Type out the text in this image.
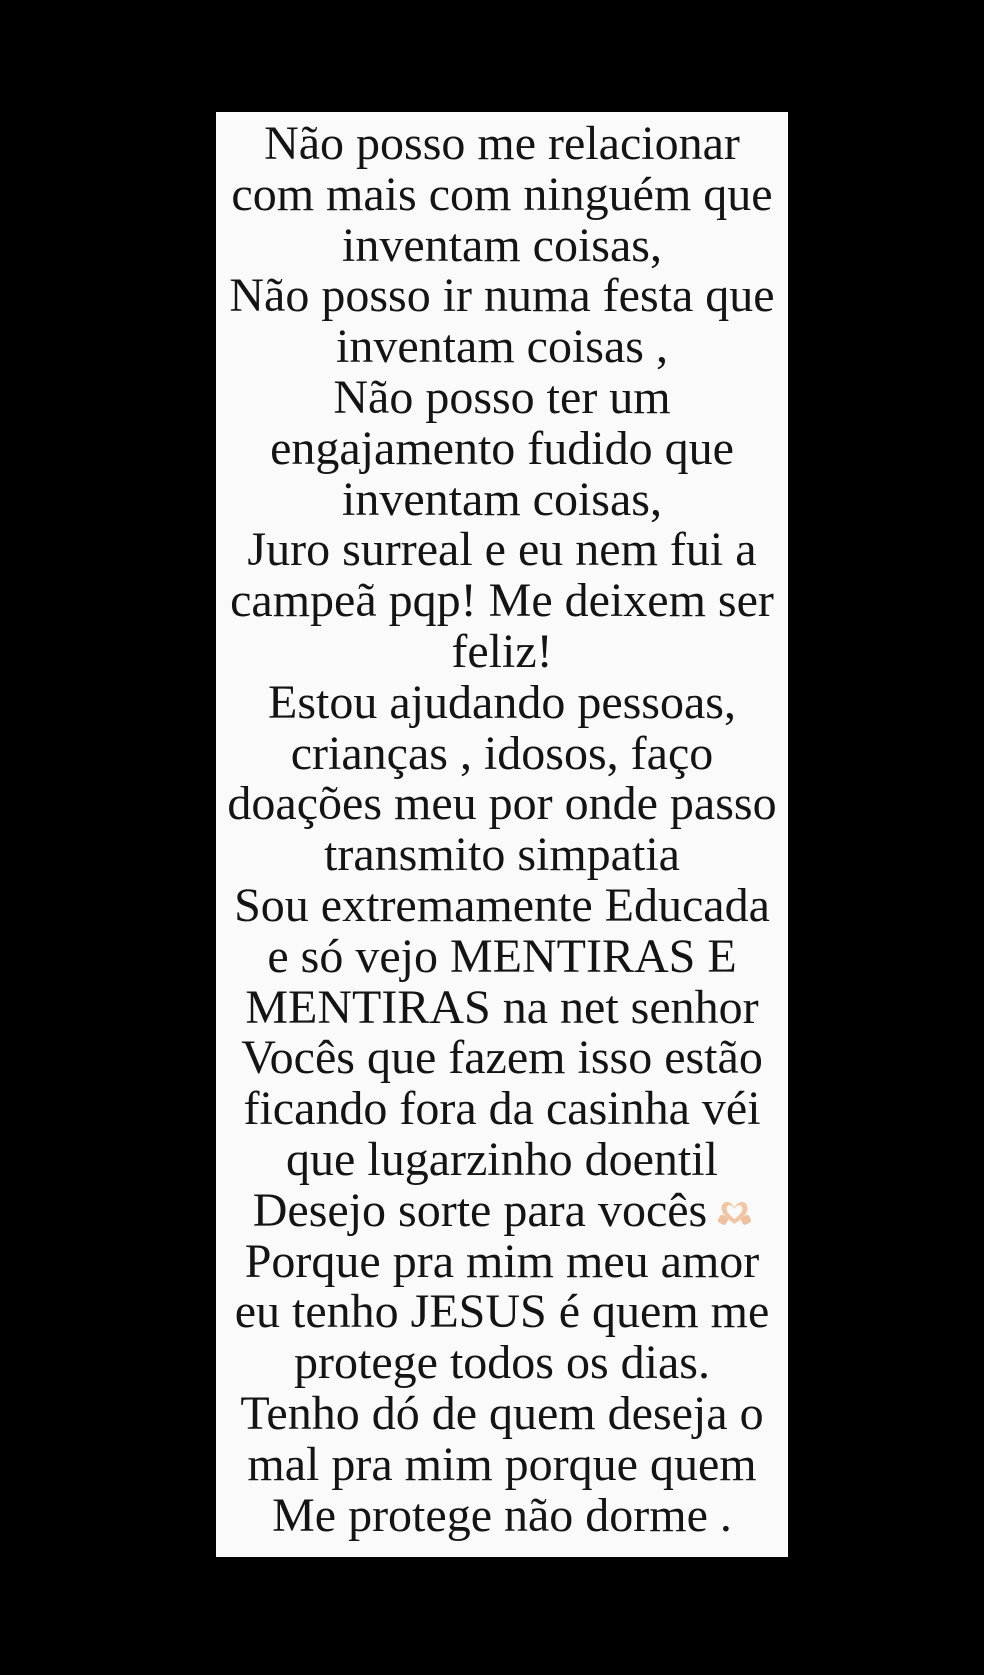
Não posso me relacionar
com mais com ninguém que
inventam coisas,
Não posso ir numa festa que
inventam coisas ,
Não posso ter um
engajamento fudido que
inventam coisas,
Juro surreal e eu nem fui a
campeã pqp! Me deixem ser
feliz!
Estou ajudando pessoas,
crianças , idosos, faço
doações meu por onde passo
transmito simpatia
Sou extremamente Educada
e só vejo MENTIRAS E
MENTIRAS na net senhor
Vocês que fazem isso estão
ficando fora da casinha véi
que lugarzinho doentil
Desejo sorte para vocês
Porque pra mim meu amor
eu tenho JESUS é quem me
protege todos os dias.
Tenho dó de quem deseja o
mal pra mim porque quem
Me protege não dorme .
